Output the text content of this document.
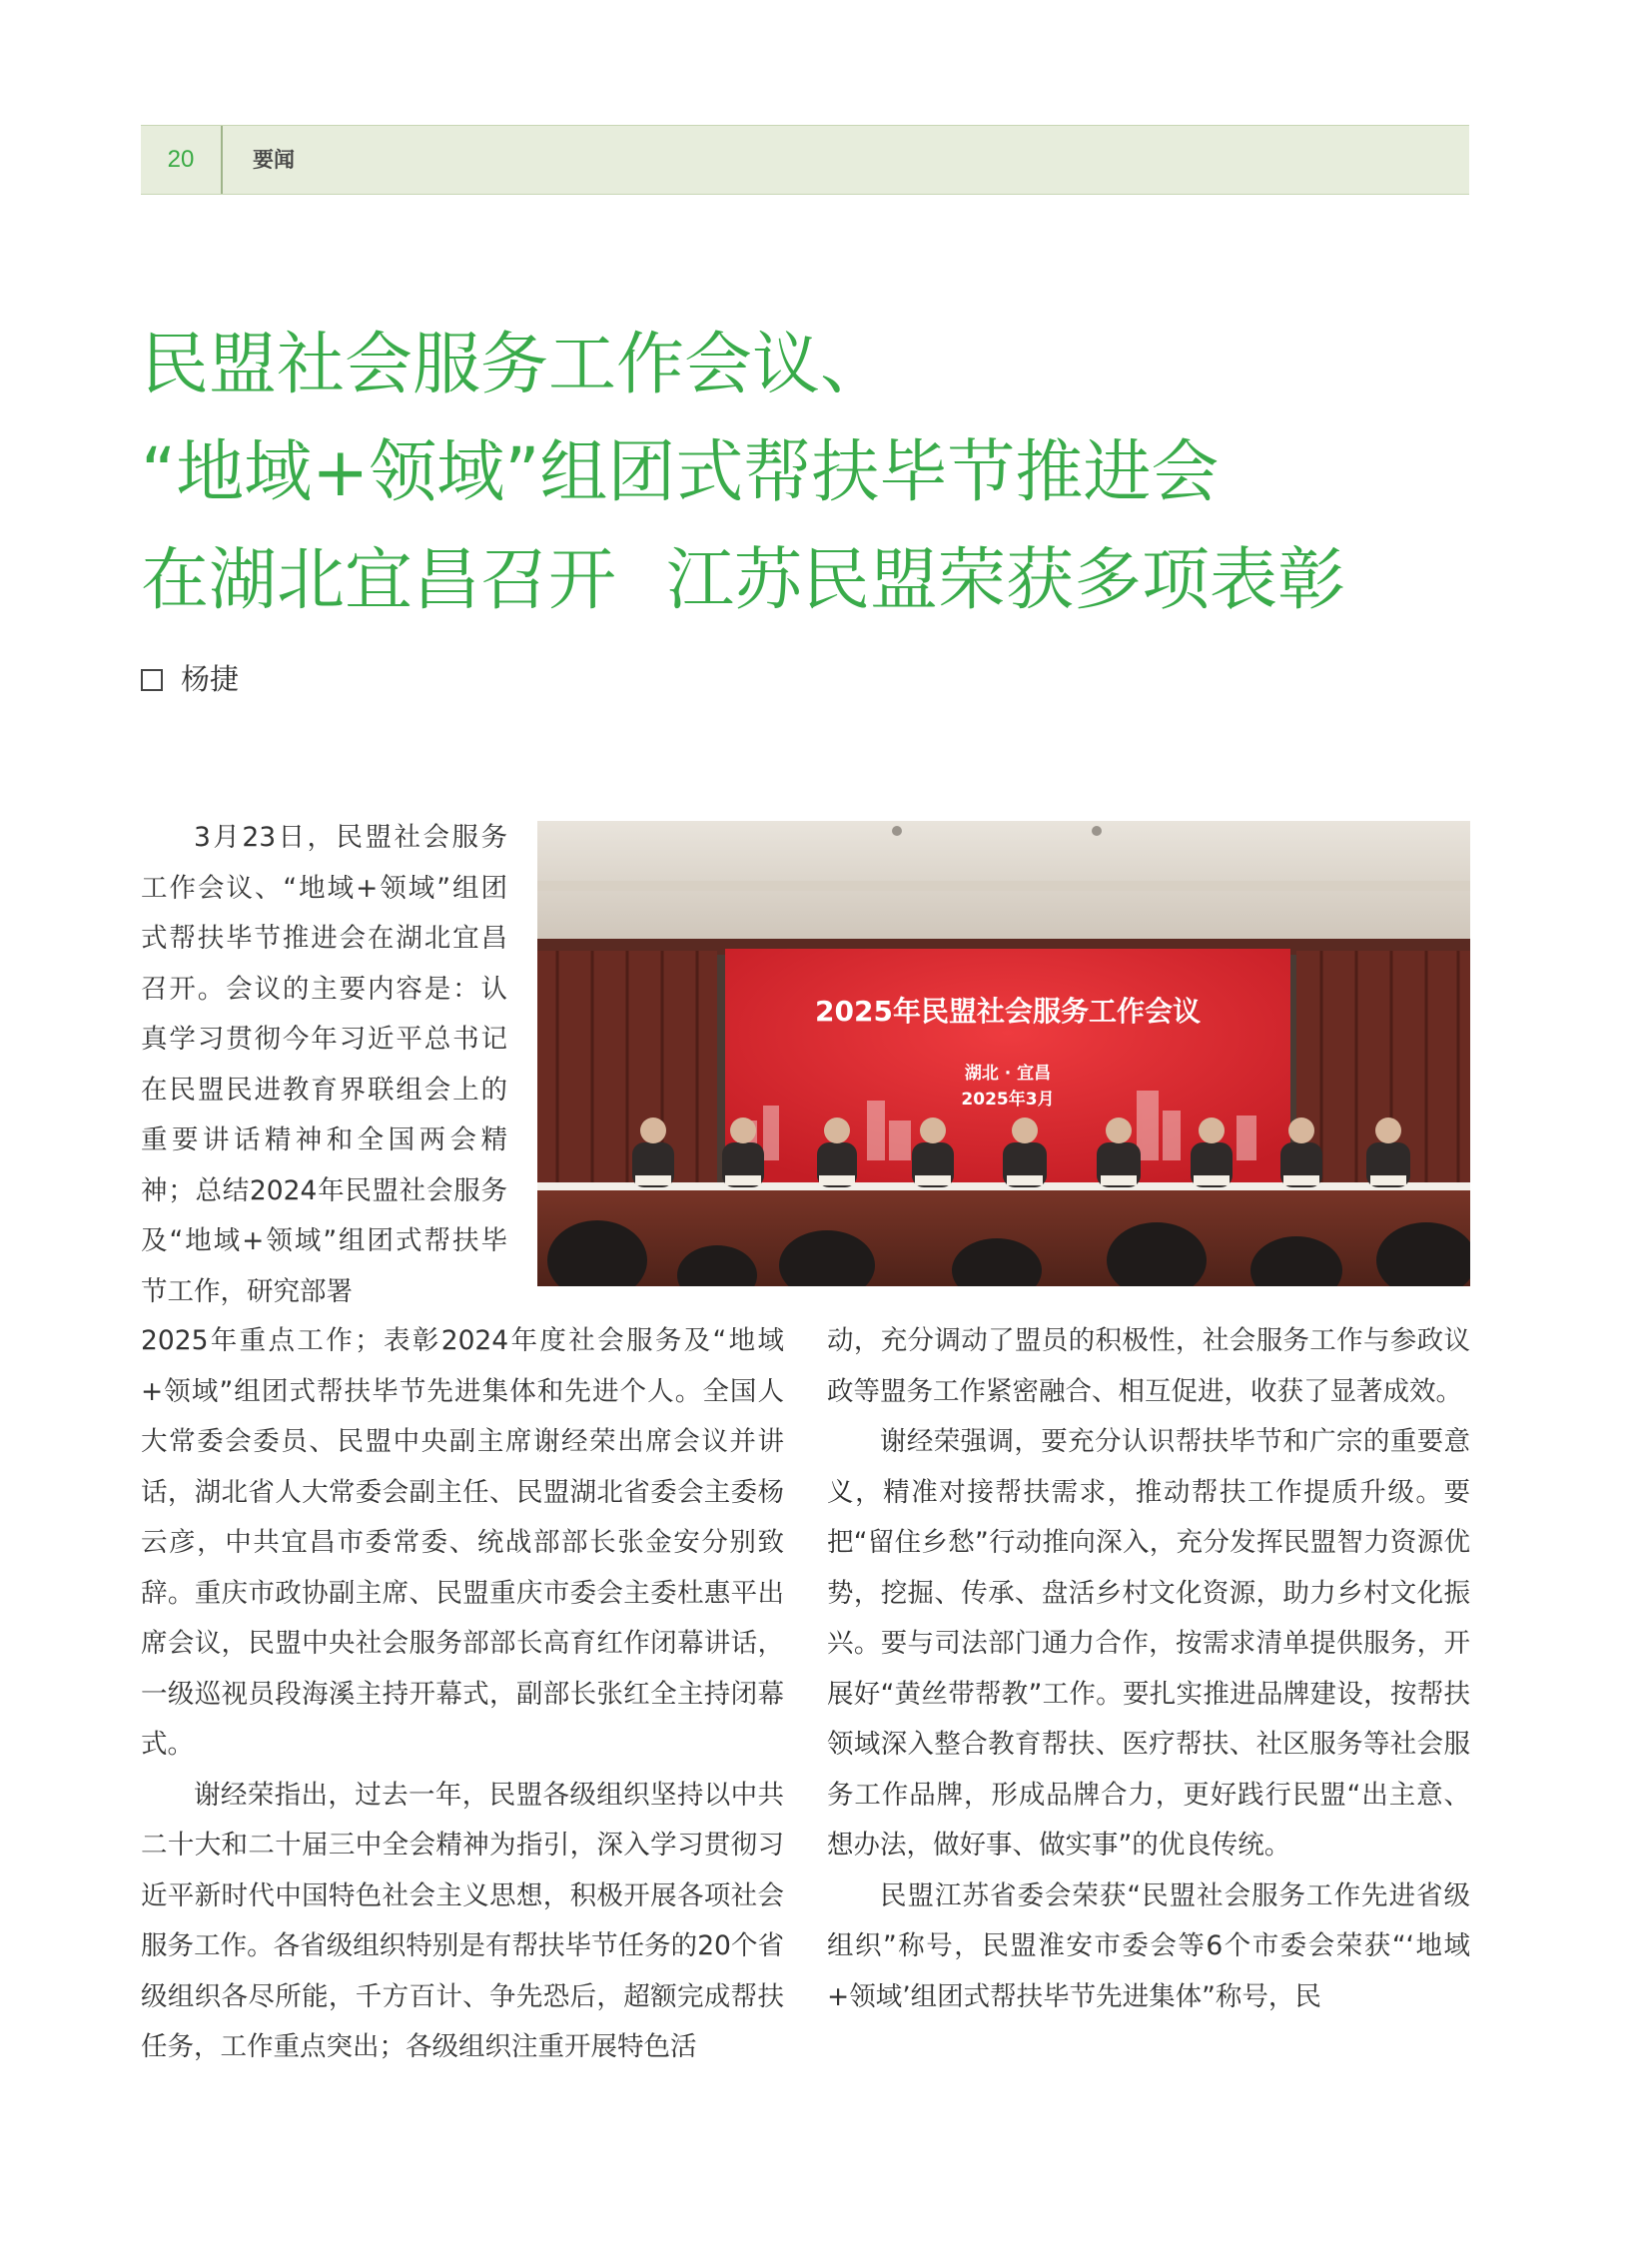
20	要闻
民盟社会服务工作会议、
“地域+领域”组团式帮扶毕节推进会
在湖北宜昌召开 江苏民盟荣获多项表彰
杨捷

3月23日，民盟社会服务工作会议、“地域+领域”组团式帮扶毕节推进会在湖北宜昌召开。会议的主要内容是：认真学习贯彻今年习近平总书记在民盟民进教育界联组会上的重要讲话精神和全国两会精神；总结2024年民盟社会服务及“地域+领域”组团式帮扶毕节工作，研究部署

2025年民盟社会服务工作会议
湖北 · 宜昌
2025年3月

2025年重点工作；表彰2024年度社会服务及“地域+领域”组团式帮扶毕节先进集体和先进个人。全国人大常委会委员、民盟中央副主席谢经荣出席会议并讲话，湖北省人大常委会副主任、民盟湖北省委会主委杨云彦，中共宜昌市委常委、统战部部长张金安分别致辞。重庆市政协副主席、民盟重庆市委会主委杜惠平出席会议，民盟中央社会服务部部长高育红作闭幕讲话，一级巡视员段海溪主持开幕式，副部长张红全主持闭幕式。

谢经荣指出，过去一年，民盟各级组织坚持以中共二十大和二十届三中全会精神为指引，深入学习贯彻习近平新时代中国特色社会主义思想，积极开展各项社会服务工作。各省级组织特别是有帮扶毕节任务的20个省级组织各尽所能，千方百计、争先恐后，超额完成帮扶任务，工作重点突出；各级组织注重开展特色活

动，充分调动了盟员的积极性，社会服务工作与参政议政等盟务工作紧密融合、相互促进，收获了显著成效。

谢经荣强调，要充分认识帮扶毕节和广宗的重要意义，精准对接帮扶需求，推动帮扶工作提质升级。要把“留住乡愁”行动推向深入，充分发挥民盟智力资源优势，挖掘、传承、盘活乡村文化资源，助力乡村文化振兴。要与司法部门通力合作，按需求清单提供服务，开展好“黄丝带帮教”工作。要扎实推进品牌建设，按帮扶领域深入整合教育帮扶、医疗帮扶、社区服务等社会服务工作品牌，形成品牌合力，更好践行民盟“出主意、想办法，做好事、做实事”的优良传统。

民盟江苏省委会荣获“民盟社会服务工作先进省级组织”称号，民盟淮安市委会等6个市委会荣获“‘地域+领域’组团式帮扶毕节先进集体”称号，民
